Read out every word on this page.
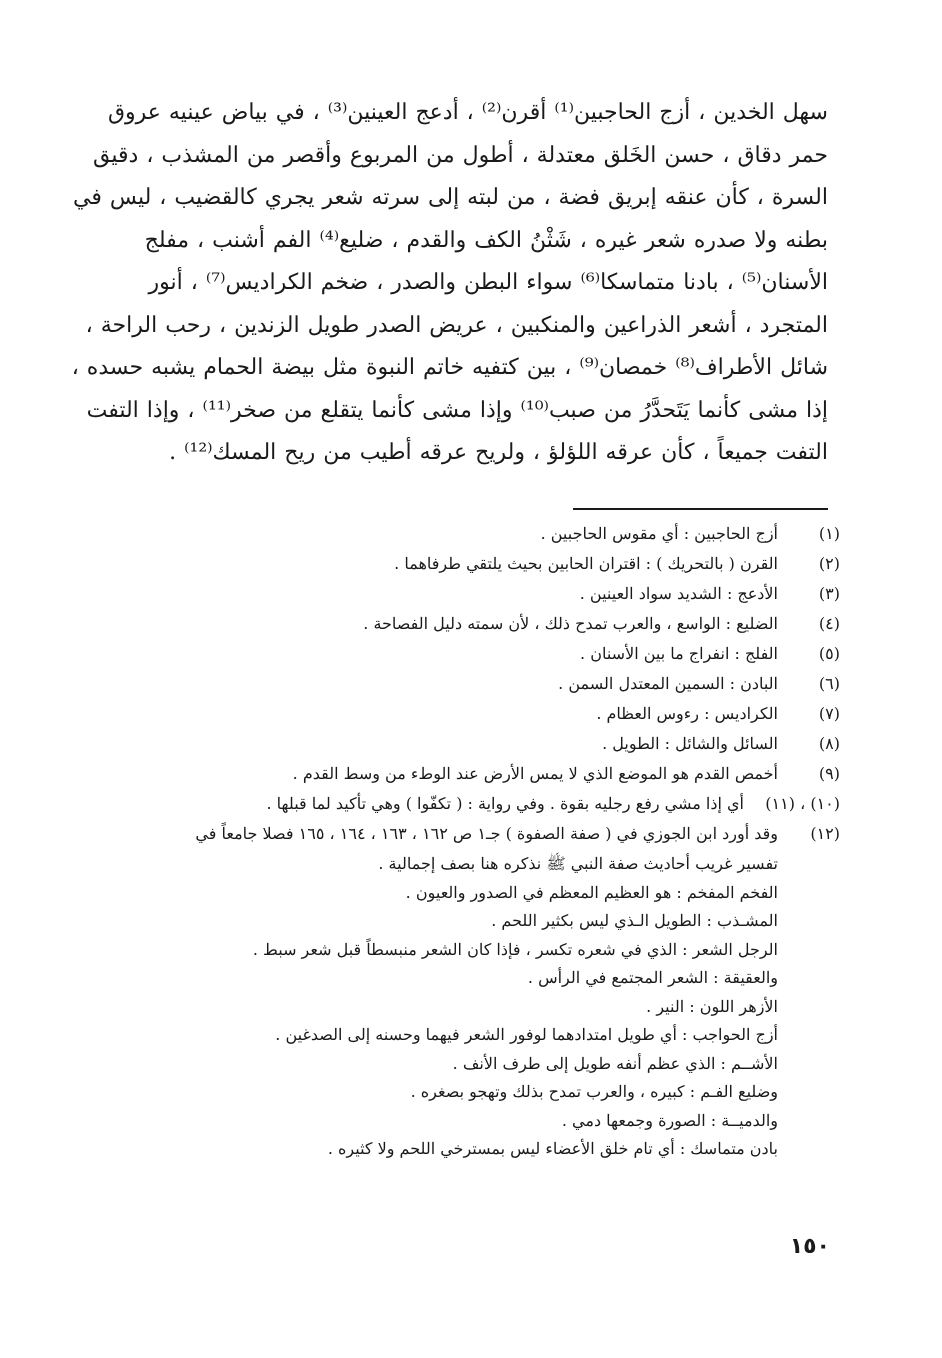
سهل الخدين ، أزج الحاجبين⁽¹⁾ أقرن⁽²⁾ ، أدعج العينين⁽³⁾ ، في بياض عينيه عروق
حمر دقاق ، حسن الخَلق معتدلة ، أطول من المربوع وأقصر من المشذب ، دقيق
السرة ، كأن عنقه إبريق فضة ، من لبته إلى سرته شعر يجري كالقضيب ، ليس في
بطنه ولا صدره شعر غيره ، شَثْنُ الكف والقدم ، ضليع⁽⁴⁾ الفم أشنب ، مفلج
الأسنان⁽⁵⁾ ، بادنا متماسكا⁽⁶⁾ سواء البطن والصدر ، ضخم الكراديس⁽⁷⁾ ، أنور
المتجرد ، أشعر الذراعين والمنكبين ، عريض الصدر طويل الزندين ، رحب الراحة ،
شائل الأطراف⁽⁸⁾ خمصان⁽⁹⁾ ، بين كتفيه خاتم النبوة مثل بيضة الحمام يشبه حسده ،
إذا مشى كأنما يَتَحدَّرُ من صبب⁽¹⁰⁾ وإذا مشى كأنما يتقلع من صخر⁽¹¹⁾ ، وإذا التفت
التفت جميعاً ، كأن عرقه اللؤلؤ ، ولريح عرقه أطيب من ريح المسك⁽¹²⁾ .
(١)
أزج الحاجبين : أي مقوس الحاجبين .
(٢)
القرن ( بالتحريك ) : اقتران الحابين بحيث يلتقي طرفاهما .
(٣)
الأدعج : الشديد سواد العينين .
(٤)
الضليع : الواسع ، والعرب تمدح ذلك ، لأن سمته دليل الفصاحة .
(٥)
الفلج : انفراج ما بين الأسنان .
(٦)
البادن : السمين المعتدل السمن .
(٧)
الكراديس : رءوس العظام .
(٨)
السائل والشائل : الطويل .
(٩)
أخمص القدم هو الموضع الذي لا يمس الأرض عند الوطء من وسط القدم .
(١٠) ، (١١)
أي إذا مشي رفع رجليه بقوة . وفي رواية : ( تكفّوا ) وهي تأكيد لما قبلها .
(١٢)
وقد أورد ابن الجوزي في ( صفة الصفوة ) جـ١ ص ١٦٢ ، ١٦٣ ، ١٦٤ ، ١٦٥ فصلا جامعاً في
تفسير غريب أحاديث صفة النبي ﷺ نذكره هنا بصف إجمالية .
الفخم المفخم : هو العظيم المعظم في الصدور والعيون .
المشـذب : الطويل الـذي ليس بكثير اللحم .
الرجل الشعر : الذي في شعره تكسر ، فإذا كان الشعر منبسطاً قبل شعر سبط .
والعقيقة : الشعر المجتمع في الرأس .
الأزهر اللون : النير .
أزج الحواجب : أي طويل امتدادهما لوفور الشعر فيهما وحسنه إلى الصدغين .
الأشــم : الذي عظم أنفه طويل إلى طرف الأنف .
وضليع الفـم : كبيره ، والعرب تمدح بذلك وتهجو بصغره .
والدميــة : الصورة وجمعها دمي .
بادن متماسك : أي تام خلق الأعضاء ليس بمسترخي اللحم ولا كثيره .
١٥٠
